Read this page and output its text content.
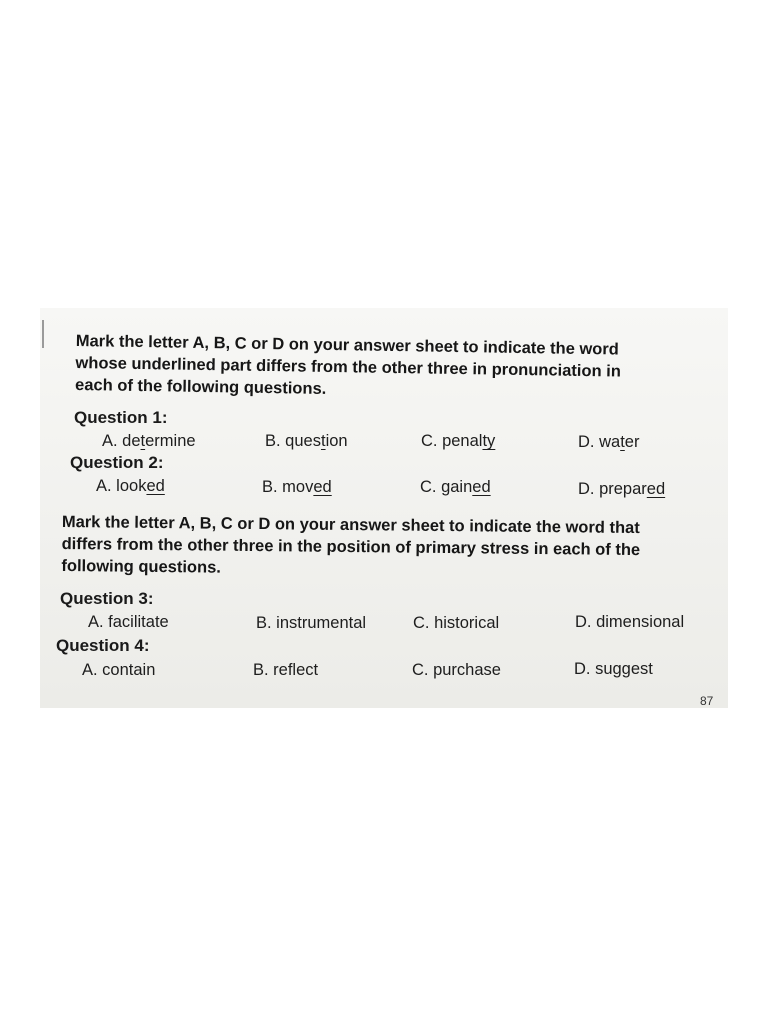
Mark the letter A, B, C or D on your answer sheet to indicate the word
whose underlined part differs from the other three in pronunciation in
each of the following questions.

Question 1:

A. determine	B. question	C. penalty	D. water

Question 2:

A. looked	B. moved	C. gained	D. prepared

Mark the letter A, B, C or D on your answer sheet to indicate the word that
differs from the other three in the position of primary stress in each of the
following questions.

Question 3:

A. facilitate	B. instrumental	C. historical	D. dimensional

Question 4:

A. contain	B. reflect	C. purchase	D. suggest
87
